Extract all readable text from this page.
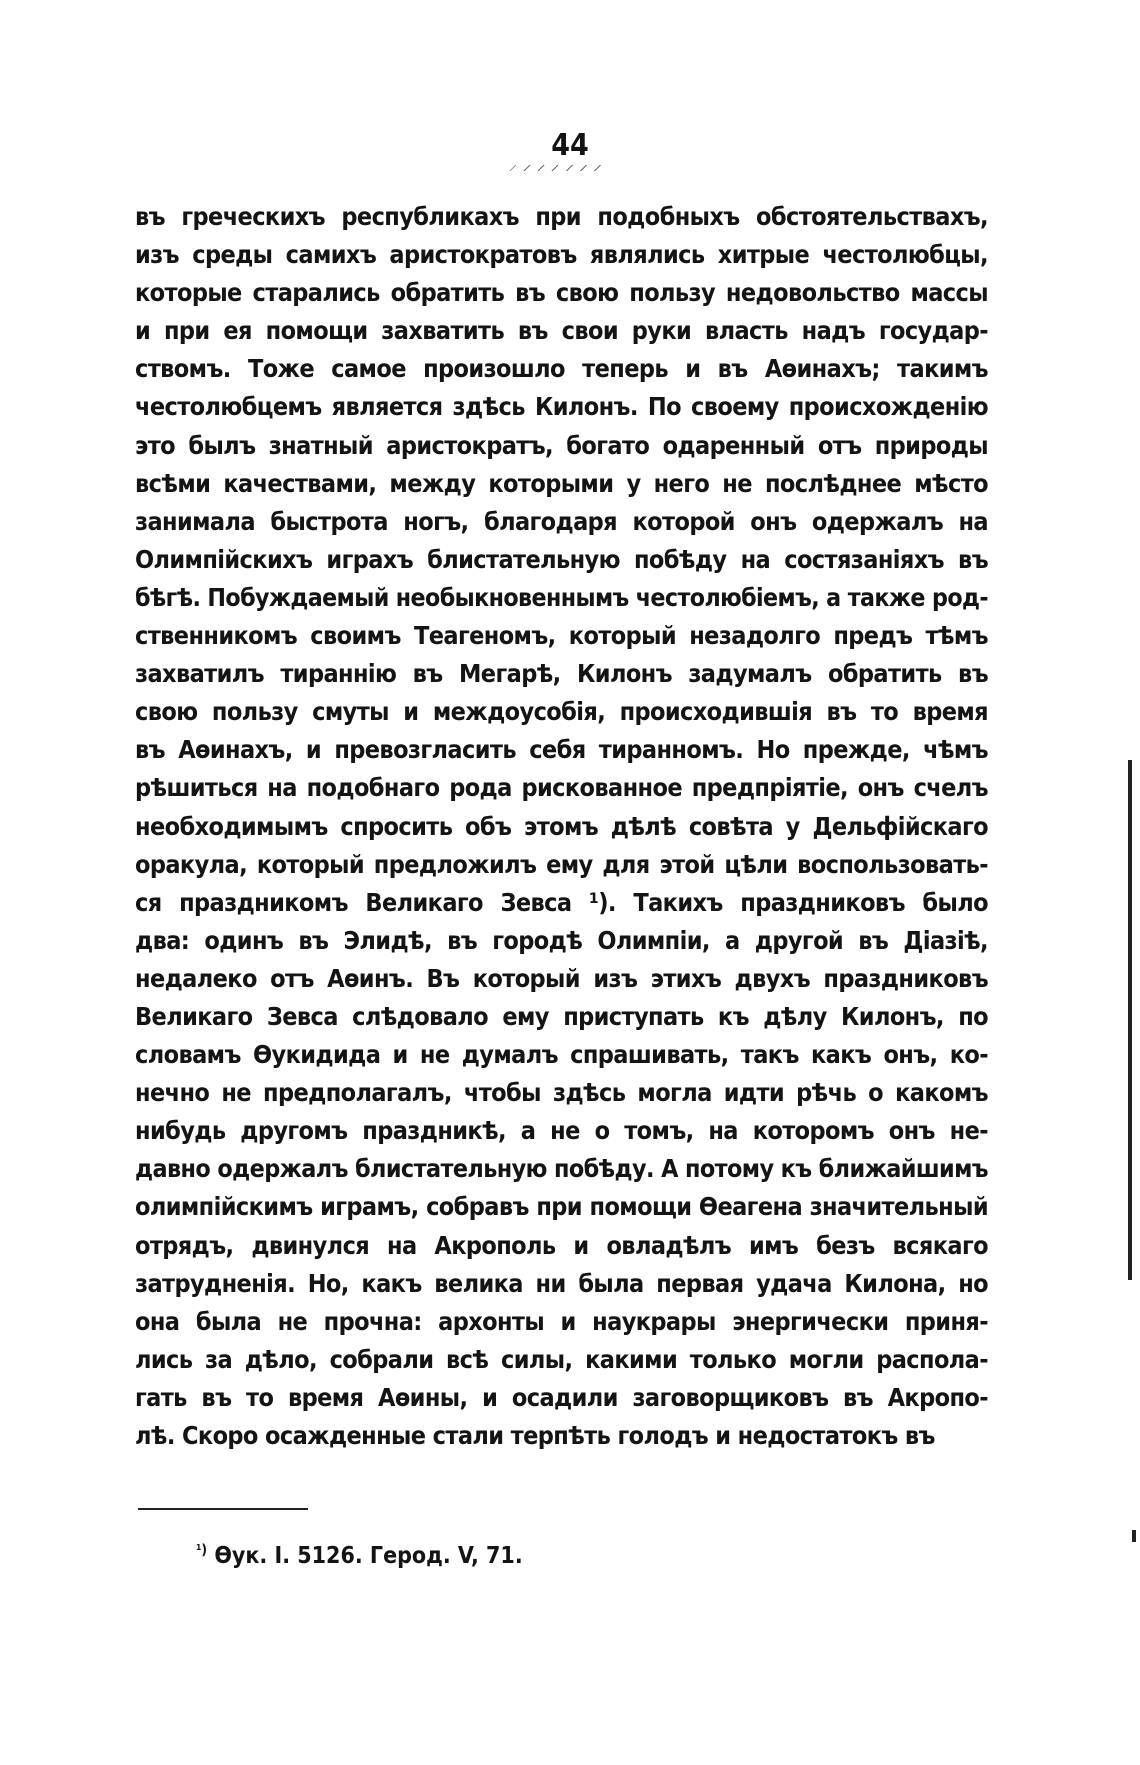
44
въ греческихъ республикахъ при подобныхъ обстоятельствахъ,
изъ среды самихъ аристократовъ являлись хитрые честолюбцы,
которые старались обратить въ свою пользу недовольство массы
и при ея помощи захватить въ свои руки власть надъ государ-
ствомъ. Тоже самое произошло теперь и въ Аѳинахъ; такимъ
честолюбцемъ является здѣсь Килонъ. По своему происхожденію
это былъ знатный аристократъ, богато одаренный отъ природы
всѣми качествами, между которыми у него не послѣднее мѣсто
занимала быстрота ногъ, благодаря которой онъ одержалъ на
Олимпійскихъ играхъ блистательную побѣду на состязаніяхъ въ
бѣгѣ. Побуждаемый необыкновеннымъ честолюбіемъ, а также род-
ственникомъ своимъ Теагеномъ, который незадолго предъ тѣмъ
захватилъ тираннію въ Мегарѣ, Килонъ задумалъ обратить въ
свою пользу смуты и междоусобія, происходившія въ то время
въ Аѳинахъ, и превозгласить себя тиранномъ. Но прежде, чѣмъ
рѣшиться на подобнаго рода рискованное предпріятіе, онъ счелъ
необходимымъ спросить объ этомъ дѣлѣ совѣта у Дельфійскаго
оракула, который предложилъ ему для этой цѣли воспользовать-
ся праздникомъ Великаго Зевса ¹). Такихъ праздниковъ было
два: одинъ въ Элидѣ, въ городѣ Олимпіи, а другой въ Діазіѣ,
недалеко отъ Аѳинъ. Въ который изъ этихъ двухъ праздниковъ
Великаго Зевса слѣдовало ему приступать къ дѣлу Килонъ, по
словамъ Ѳукидида и не думалъ спрашивать, такъ какъ онъ, ко-
нечно не предполагалъ, чтобы здѣсь могла идти рѣчь о какомъ
нибудь другомъ праздникѣ, а не о томъ, на которомъ онъ не-
давно одержалъ блистательную побѣду. А потому къ ближайшимъ
олимпійскимъ играмъ, собравъ при помощи Ѳеагена значительный
отрядъ, двинулся на Акрополь и овладѣлъ имъ безъ всякаго
затрудненія. Но, какъ велика ни была первая удача Килона, но
она была не прочна: архонты и наукрары энергически приня-
лись за дѣло, собрали всѣ силы, какими только могли распола-
гать въ то время Аѳины, и осадили заговорщиковъ въ Акропо-
лѣ. Скоро осажденные стали терпѣть голодъ и недостатокъ въ
$^{^1)}$ Ѳук. I. 5126. Герод. V, 71.
